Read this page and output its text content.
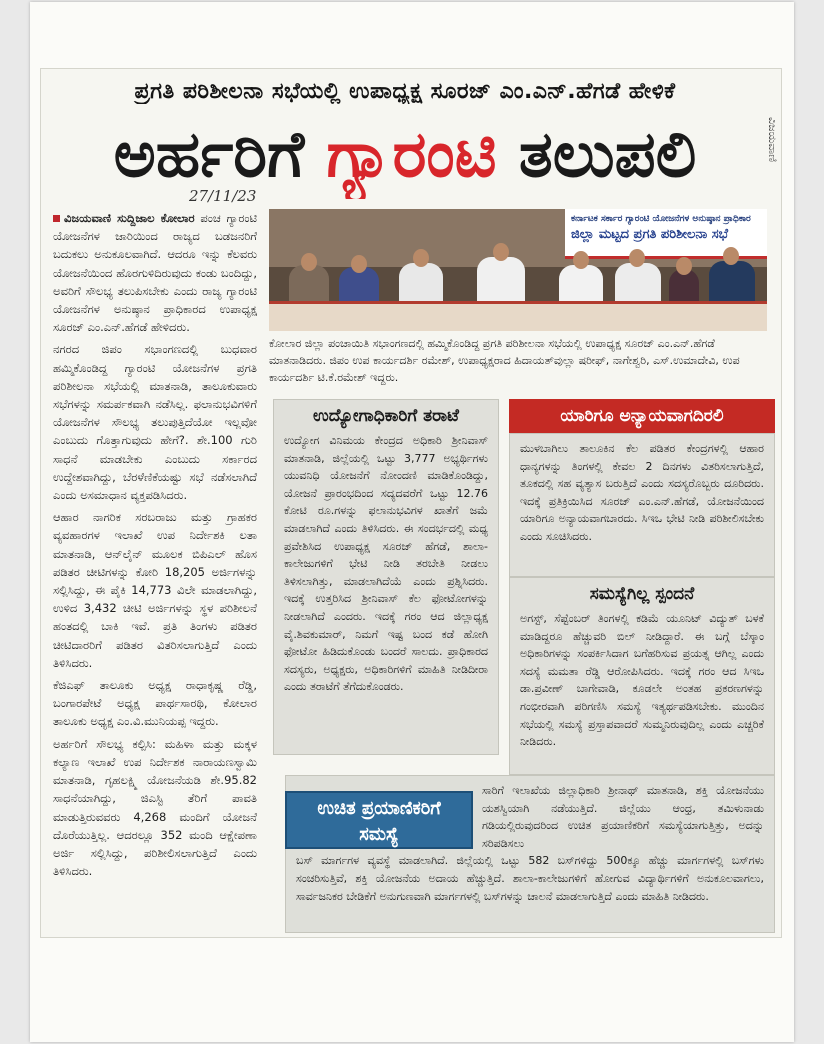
ಪ್ರಗತಿ ಪರಿಶೀಲನಾ ಸಭೆಯಲ್ಲಿ ಉಪಾಧ್ಯಕ್ಷ ಸೂರಜ್ ಎಂ.ಎನ್.ಹೆಗಡೆ ಹೇಳಿಕೆ
ಅರ್ಹರಿಗೆ ಗ್ಯಾರಂಟಿ ತಲುಪಲಿ
27/11/23
ವಿಜಯವಾಣಿ

ವಿಜಯವಾಣಿ ಸುದ್ದಿಜಾಲ ಕೋಲಾರ ಪಂಚ ಗ್ಯಾರಂಟಿ ಯೋಜನೆಗಳ ಜಾರಿಯಿಂದ ರಾಜ್ಯದ ಬಡಜನರಿಗೆ ಬದುಕಲು ಅನುಕೂಲವಾಗಿದೆ. ಆದರೂ ಇನ್ನು ಕೆಲವರು ಯೋಜನೆಯಿಂದ ಹೊರಗುಳಿದಿರುವುದು ಕಂಡು ಬಂದಿದ್ದು, ಅವರಿಗೆ ಸೌಲಭ್ಯ ತಲುಪಿಸಬೇಕು ಎಂದು ರಾಜ್ಯ ಗ್ಯಾರಂಟಿ ಯೋಜನೆಗಳ ಅನುಷ್ಠಾನ ಪ್ರಾಧಿಕಾರದ ಉಪಾಧ್ಯಕ್ಷ ಸೂರಜ್ ಎಂ.ಎನ್.ಹೆಗಡೆ ಹೇಳಿದರು.

ನಗರದ ಜಿಪಂ ಸಭಾಂಗಣದಲ್ಲಿ ಬುಧವಾರ ಹಮ್ಮಿಕೊಂಡಿದ್ದ ಗ್ಯಾರಂಟಿ ಯೋಜನೆಗಳ ಪ್ರಗತಿ ಪರಿಶೀಲನಾ ಸಭೆಯಲ್ಲಿ ಮಾತನಾಡಿ, ತಾಲೂಕುವಾರು ಸಭೆಗಳನ್ನು ಸಮರ್ಪಕವಾಗಿ ನಡೆಸಿಲ್ಲ. ಫಲಾನುಭವಿಗಳಿಗೆ ಯೋಜನೆಗಳ ಸೌಲಭ್ಯ ತಲುಪುತ್ತಿದೆಯೋ ಇಲ್ಲವೋ ಎಂಬುದು ಗೊತ್ತಾಗುವುದು ಹೇಗೆ?. ಶೇ.100 ಗುರಿ ಸಾಧನೆ ಮಾಡಬೇಕು ಎಂಬುದು ಸರ್ಕಾರದ ಉದ್ದೇಶವಾಗಿದ್ದು, ಬೆರಳೆಣಿಕೆಯಷ್ಟು ಸಭೆ ನಡೆಸಲಾಗಿದೆ ಎಂದು ಅಸಮಾಧಾನ ವ್ಯಕ್ತಪಡಿಸಿದರು.

ಆಹಾರ ನಾಗರಿಕ ಸರಬರಾಜು ಮತ್ತು ಗ್ರಾಹಕರ ವ್ಯವಹಾರಗಳ ಇಲಾಖೆ ಉಪ ನಿರ್ದೇಶಕಿ ಲತಾ ಮಾತನಾಡಿ, ಆನ್‌ಲೈನ್ ಮೂಲಕ ಬಿಪಿಎಲ್ ಹೊಸ ಪಡಿತರ ಚೀಟಿಗಳನ್ನು ಕೋರಿ 18,205 ಅರ್ಜಿಗಳನ್ನು ಸಲ್ಲಿಸಿದ್ದು, ಈ ಪೈಕಿ 14,773 ವಿಲೇ ಮಾಡಲಾಗಿದ್ದು, ಉಳಿದ 3,432 ಚೀಟಿ ಅರ್ಜಿಗಳನ್ನು ಸ್ಥಳ ಪರಿಶೀಲನೆ ಹಂತದಲ್ಲಿ ಬಾಕಿ ಇವೆ. ಪ್ರತಿ ತಿಂಗಳು ಪಡಿತರ ಚೀಟಿದಾರರಿಗೆ ಪಡಿತರ ವಿತರಿಸಲಾಗುತ್ತಿದೆ ಎಂದು ತಿಳಿಸಿದರು.

ಕೆಜಿಎಫ್ ತಾಲೂಕು ಅಧ್ಯಕ್ಷ ರಾಧಾಕೃಷ್ಣ ರೆಡ್ಡಿ, ಬಂಗಾರಪೇಟೆ ಅಧ್ಯಕ್ಷ ಪಾರ್ಥಸಾರಥಿ, ಕೋಲಾರ ತಾಲೂಕು ಅಧ್ಯಕ್ಷ ಎಂ.ವಿ.ಮುನಿಯಪ್ಪ ಇದ್ದರು.

ಅರ್ಹರಿಗೆ ಸೌಲಭ್ಯ ಕಲ್ಪಿಸಿ: ಮಹಿಳಾ ಮತ್ತು ಮಕ್ಕಳ ಕಲ್ಯಾಣ ಇಲಾಖೆ ಉಪ ನಿರ್ದೇಶಕ ನಾರಾಯಣಸ್ವಾಮಿ ಮಾತನಾಡಿ, ಗೃಹಲಕ್ಷ್ಮಿ ಯೋಜನೆಯಡಿ ಶೇ.95.82 ಸಾಧನೆಯಾಗಿದ್ದು, ಜಿಎಸ್ಟಿ ತೆರಿಗೆ ಪಾವತಿ ಮಾಡುತ್ತಿರುವವರು 4,268 ಮಂದಿಗೆ ಯೋಜನೆ ದೊರೆಯುತ್ತಿಲ್ಲ. ಆದರಲ್ಲೂ 352 ಮಂದಿ ಆಕ್ಷೇಪಣಾ ಅರ್ಜಿ ಸಲ್ಲಿಸಿದ್ದು, ಪರಿಶೀಲಿಸಲಾಗುತ್ತಿದೆ ಎಂದು ತಿಳಿಸಿದರು.

ಕರ್ನಾಟಕ ಸರ್ಕಾರ ಗ್ಯಾರಂಟಿ ಯೋಜನೆಗಳ ಅನುಷ್ಠಾನ ಪ್ರಾಧಿಕಾರ
ಜಿಲ್ಲಾ ಮಟ್ಟದ ಪ್ರಗತಿ ಪರಿಶೀಲನಾ ಸಭೆ
ಕೋಲಾರ ಜಿಲ್ಲಾ ಪಂಚಾಯಿತಿ ಸಭಾಂಗಣದಲ್ಲಿ ಹಮ್ಮಿಕೊಂಡಿದ್ದ ಪ್ರಗತಿ ಪರಿಶೀಲನಾ ಸಭೆಯಲ್ಲಿ ಉಪಾಧ್ಯಕ್ಷ ಸೂರಜ್ ಎಂ.ಎನ್.ಹೆಗಡೆ ಮಾತನಾಡಿದರು. ಜಿಪಂ ಉಪ ಕಾರ್ಯದರ್ಶಿ ರಮೇಶ್, ಉಪಾಧ್ಯಕ್ಷರಾದ ಹಿದಾಯತ್‌ವುಲ್ಲಾ ಷರೀಫ್, ನಾಗೇಶ್ವರಿ, ಎಸ್.ಉಮಾದೇವಿ, ಉಪ ಕಾರ್ಯದರ್ಶಿ ಟಿ.ಕೆ.ರಮೇಶ್ ಇದ್ದರು.
ಉದ್ಯೋಗಾಧಿಕಾರಿಗೆ ತರಾಟೆ
ಉದ್ಯೋಗ ವಿನಿಮಯ ಕೇಂದ್ರದ ಅಧಿಕಾರಿ ಶ್ರೀನಿವಾಸ್ ಮಾತನಾಡಿ, ಜಿಲ್ಲೆಯಲ್ಲಿ ಒಟ್ಟು 3,777 ಅಭ್ಯರ್ಥಿಗಳು ಯುವನಿಧಿ ಯೋಜನೆಗೆ ನೋಂದಣಿ ಮಾಡಿಕೊಂಡಿದ್ದು, ಯೋಜನೆ ಪ್ರಾರಂಭದಿಂದ ಸದ್ಯದವರೆಗೆ ಒಟ್ಟು 12.76 ಕೋಟಿ ರೂ.ಗಳನ್ನು ಫಲಾನುಭವಿಗಳ ಖಾತೆಗೆ ಜಮೆ ಮಾಡಲಾಗಿದೆ ಎಂದು ತಿಳಿಸಿದರು. ಈ ಸಂದರ್ಭದಲ್ಲಿ ಮಧ್ಯ ಪ್ರವೇಶಿಸಿದ ಉಪಾಧ್ಯಕ್ಷ ಸೂರಜ್ ಹೆಗಡೆ, ಶಾಲಾ-ಕಾಲೇಜುಗಳಿಗೆ ಭೇಟಿ ನೀಡಿ ತರಬೇತಿ ನೀಡಲು ತಿಳಿಸಲಾಗಿತ್ತು, ಮಾಡಲಾಗಿದೆಯೆ ಎಂದು ಪ್ರಶ್ನಿಸಿದರು. ಇದಕ್ಕೆ ಉತ್ತರಿಸಿದ ಶ್ರೀನಿವಾಸ್ ಕೆಲ ಫೋಟೋಗಳನ್ನು ನೀಡಲಾಗಿದೆ ಎಂದರು. ಇದಕ್ಕೆ ಗರಂ ಆದ ಜಿಲ್ಲಾಧ್ಯಕ್ಷ ವೈ.ಶಿವಕುಮಾರ್, ನಿಮಗೆ ಇಷ್ಟ ಬಂದ ಕಡೆ ಹೋಗಿ ಫೋಟೋ ಹಿಡಿದುಕೊಂಡು ಬಂದರೆ ಸಾಲದು. ಪ್ರಾಧಿಕಾರದ ಸದಸ್ಯರು, ಅಧ್ಯಕ್ಷರು, ಅಧಿಕಾರಿಗಳಿಗೆ ಮಾಹಿತಿ ನೀಡಿದೀರಾ ಎಂದು ತರಾಟೆಗೆ ತೆಗೆದುಕೊಂಡರು.
ಯಾರಿಗೂ ಅನ್ಯಾಯವಾಗದಿರಲಿ
ಮುಳಬಾಗಿಲು ತಾಲೂಕಿನ ಕೆಲ ಪಡಿತರ ಕೇಂದ್ರಗಳಲ್ಲಿ ಆಹಾರ ಧಾನ್ಯಗಳನ್ನು ತಿಂಗಳಲ್ಲಿ ಕೇವಲ 2 ದಿನಗಳು ವಿತರಿಸಲಾಗುತ್ತಿದೆ, ತೂಕದಲ್ಲಿ ಸಹ ವ್ಯತ್ಯಾಸ ಬರುತ್ತಿದೆ ಎಂದು ಸದಸ್ಯರೊಬ್ಬರು ದೂರಿದರು. ಇದಕ್ಕೆ ಪ್ರತಿಕ್ರಿಯಿಸಿದ ಸೂರಜ್ ಎಂ.ಎನ್.ಹೆಗಡೆ, ಯೋಜನೆಯಿಂದ ಯಾರಿಗೂ ಅನ್ಯಾಯವಾಗಬಾರದು. ಸಿಇಒ ಭೇಟಿ ನೀಡಿ ಪರಿಶೀಲಿಸಬೇಕು ಎಂದು ಸೂಚಿಸಿದರು.
ಸಮಸ್ಯೆಗಿಲ್ಲ ಸ್ಪಂದನೆ
ಅಗಸ್ಟ್, ಸೆಪ್ಟೆಂಬರ್ ತಿಂಗಳಲ್ಲಿ ಕಡಿಮೆ ಯೂನಿಟ್ ವಿದ್ಯುತ್ ಬಳಕೆ ಮಾಡಿದ್ದರೂ ಹೆಚ್ಚುವರಿ ಬಿಲ್ ನೀಡಿದ್ದಾರೆ. ಈ ಬಗ್ಗೆ ಬೆಸ್ಕಾಂ ಅಧಿಕಾರಿಗಳನ್ನು ಸಂಪರ್ಕಿಸಿದಾಗ ಬಗೆಹರಿಸುವ ಪ್ರಯತ್ನ ಆಗಿಲ್ಲ ಎಂದು ಸದಸ್ಯೆ ಮಮತಾ ರೆಡ್ಡಿ ಆರೋಪಿಸಿದರು. ಇದಕ್ಕೆ ಗರಂ ಆದ ಸಿಇಒ ಡಾ.ಪ್ರವೀಣ್ ಬಾಗೇವಾಡಿ, ಕೂಡಲೇ ಅಂತಹ ಪ್ರಕರಣಗಳನ್ನು ಗಂಭೀರವಾಗಿ ಪರಿಗಣಿಸಿ ಸಮಸ್ಯೆ ಇತ್ಯರ್ಥಪಡಿಸಬೇಕು. ಮುಂದಿನ ಸಭೆಯಲ್ಲಿ ಸಮಸ್ಯೆ ಪ್ರಸ್ತಾಪವಾದರೆ ಸುಮ್ಮನಿರುವುದಿಲ್ಲ ಎಂದು ಎಚ್ಚರಿಕೆ ನೀಡಿದರು.
ಸಾರಿಗೆ ಇಲಾಖೆಯ ಜಿಲ್ಲಾಧಿಕಾರಿ ಶ್ರೀನಾಥ್ ಮಾತನಾಡಿ, ಶಕ್ತಿ ಯೋಜನೆಯು ಯಶಸ್ವಿಯಾಗಿ ನಡೆಯುತ್ತಿದೆ. ಜಿಲ್ಲೆಯು ಆಂಧ್ರ, ತಮಿಳುನಾಡು ಗಡಿಯಲ್ಲಿರುವುದರಿಂದ ಉಚಿತ ಪ್ರಯಾಣಿಕರಿಗೆ ಸಮಸ್ಯೆಯಾಗುತ್ತಿತ್ತು, ಅದನ್ನು ಸರಿಪಡಿಸಲು
ಬಸ್ ಮಾರ್ಗಗಳ ವ್ಯವಸ್ಥೆ ಮಾಡಲಾಗಿದೆ. ಜಿಲ್ಲೆಯಲ್ಲಿ ಒಟ್ಟು 582 ಬಸ್‌ಗಳಿದ್ದು 500ಕ್ಕೂ ಹೆಚ್ಚು ಮಾರ್ಗಗಳಲ್ಲಿ ಬಸ್‌ಗಳು ಸಂಚರಿಸುತ್ತಿವೆ, ಶಕ್ತಿ ಯೋಜನೆಯ ಅದಾಯ ಹೆಚ್ಚುತ್ತಿದೆ. ಶಾಲಾ-ಕಾಲೇಜುಗಳಿಗೆ ಹೋಗುವ ವಿದ್ಯಾರ್ಥಿಗಳಿಗೆ ಅನುಕೂಲವಾಗಲು, ಸಾರ್ವಜನಿಕರ ಬೇಡಿಕೆಗೆ ಅನುಗುಣವಾಗಿ ಮಾರ್ಗಗಳಲ್ಲಿ ಬಸ್‌ಗಳನ್ನು ಚಾಲನೆ ಮಾಡಲಾಗುತ್ತಿದೆ ಎಂದು ಮಾಹಿತಿ ನೀಡಿದರು.
ಉಚಿತ ಪ್ರಯಾಣಿಕರಿಗೆ
ಸಮಸ್ಯೆ
